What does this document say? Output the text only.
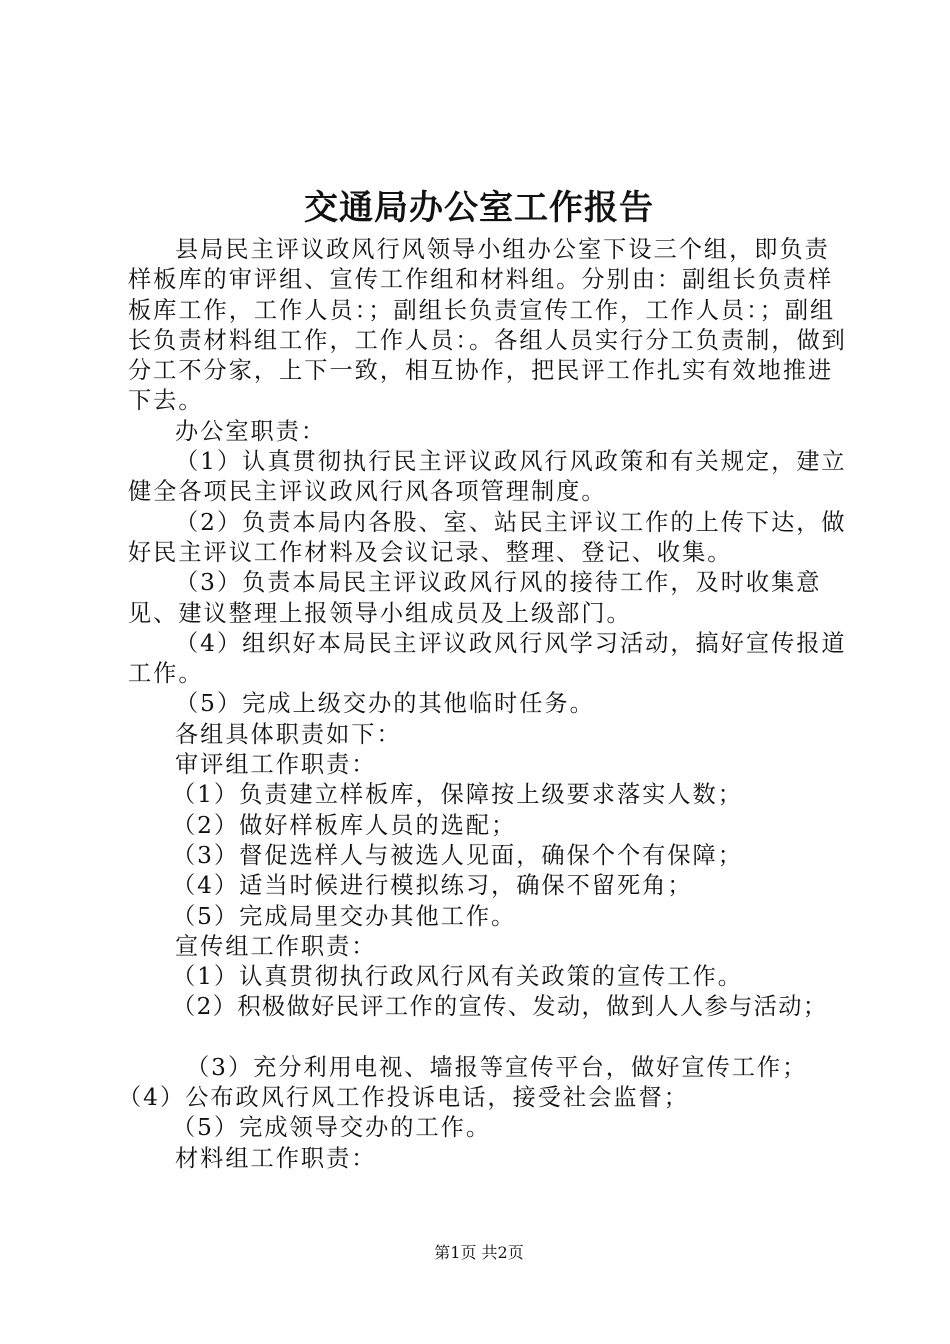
交通局办公室工作报告

县局民主评议政风行风领导小组办公室下设三个组，即负责样板库的审评组、宣传工作组和材料组。分别由：副组长负责样板库工作，工作人员：；副组长负责宣传工作，工作人员：；副组长负责材料组工作，工作人员：。各组人员实行分工负责制，做到分工不分家，上下一致，相互协作，把民评工作扎实有效地推进下去。

办公室职责：

（1）认真贯彻执行民主评议政风行风政策和有关规定，建立健全各项民主评议政风行风各项管理制度。

（2）负责本局内各股、室、站民主评议工作的上传下达，做好民主评议工作材料及会议记录、整理、登记、收集。

（3）负责本局民主评议政风行风的接待工作，及时收集意见、建议整理上报领导小组成员及上级部门。

（4）组织好本局民主评议政风行风学习活动，搞好宣传报道工作。

（5）完成上级交办的其他临时任务。

各组具体职责如下：

审评组工作职责：

（1）负责建立样板库，保障按上级要求落实人数；

（2）做好样板库人员的选配；

（3）督促选样人与被选人见面，确保个个有保障；

（4）适当时候进行模拟练习，确保不留死角；

（5）完成局里交办其他工作。

宣传组工作职责：

（1）认真贯彻执行政风行风有关政策的宣传工作。

（2）积极做好民评工作的宣传、发动，做到人人参与活动；

（3）充分利用电视、墙报等宣传平台，做好宣传工作；

（4）公布政风行风工作投诉电话，接受社会监督；

（5）完成领导交办的工作。

材料组工作职责：

第1页 共2页
